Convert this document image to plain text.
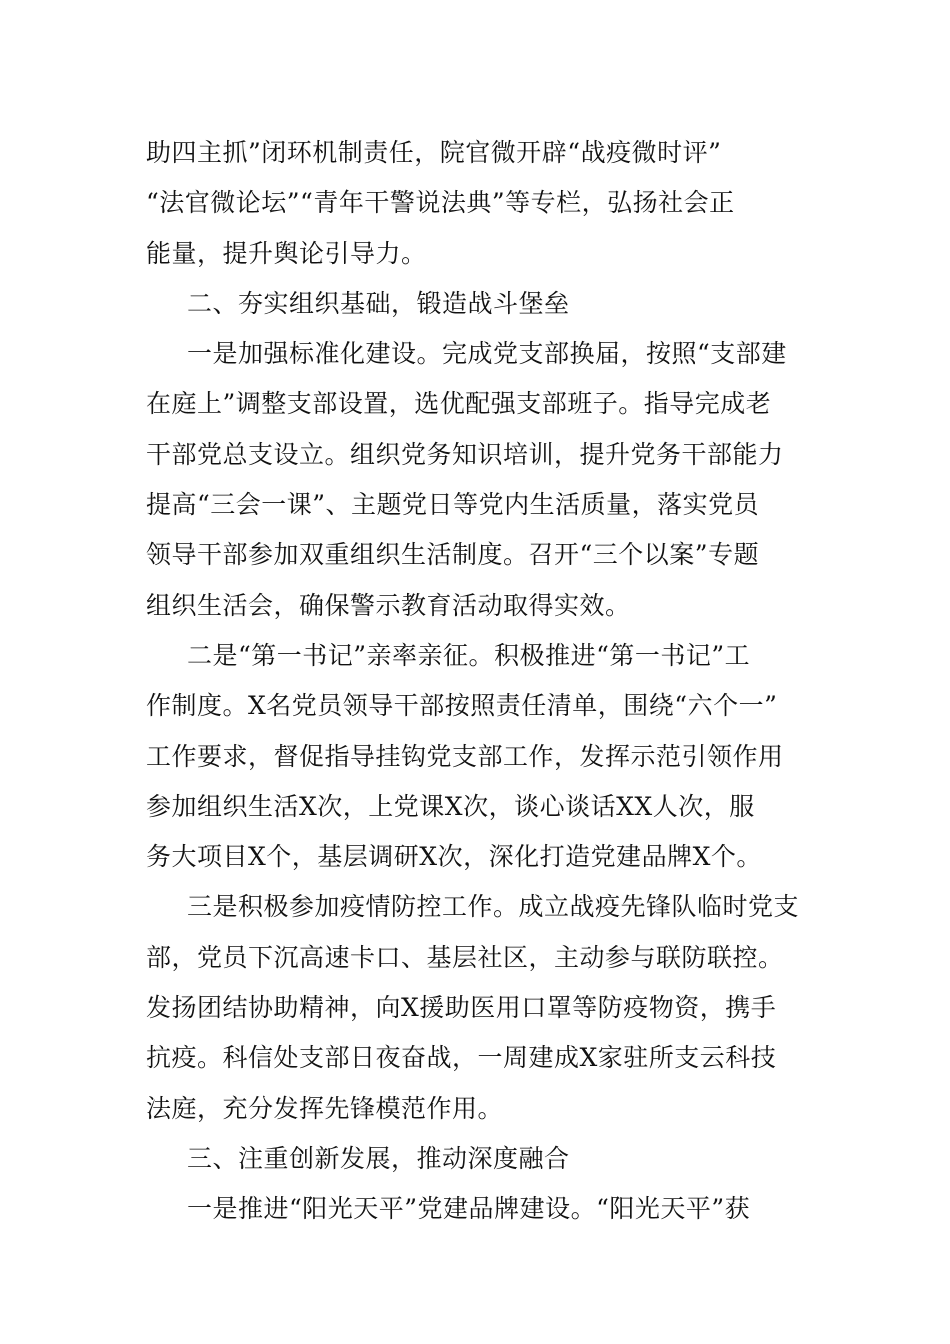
助四主抓”闭环机制责任，院官微开辟“战疫微时评”
“法官微论坛”“青年干警说法典”等专栏，弘扬社会正
能量，提升舆论引导力。
二、夯实组织基础，锻造战斗堡垒
一是加强标准化建设。完成党支部换届，按照“支部建
在庭上”调整支部设置，选优配强支部班子。指导完成老
干部党总支设立。组织党务知识培训，提升党务干部能力
提高“三会一课”、主题党日等党内生活质量，落实党员
领导干部参加双重组织生活制度。召开“三个以案”专题
组织生活会，确保警示教育活动取得实效。
二是“第一书记”亲率亲征。积极推进“第一书记”工
作制度。X名党员领导干部按照责任清单，围绕“六个一”
工作要求，督促指导挂钩党支部工作，发挥示范引领作用
参加组织生活X次，上党课X次，谈心谈话XX人次，服
务大项目X个，基层调研X次，深化打造党建品牌X个。
三是积极参加疫情防控工作。成立战疫先锋队临时党支
部，党员下沉高速卡口、基层社区，主动参与联防联控。
发扬团结协助精神，向X援助医用口罩等防疫物资，携手
抗疫。科信处支部日夜奋战，一周建成X家驻所支云科技
法庭，充分发挥先锋模范作用。
三、注重创新发展，推动深度融合
一是推进“阳光天平”党建品牌建设。“阳光天平”获
